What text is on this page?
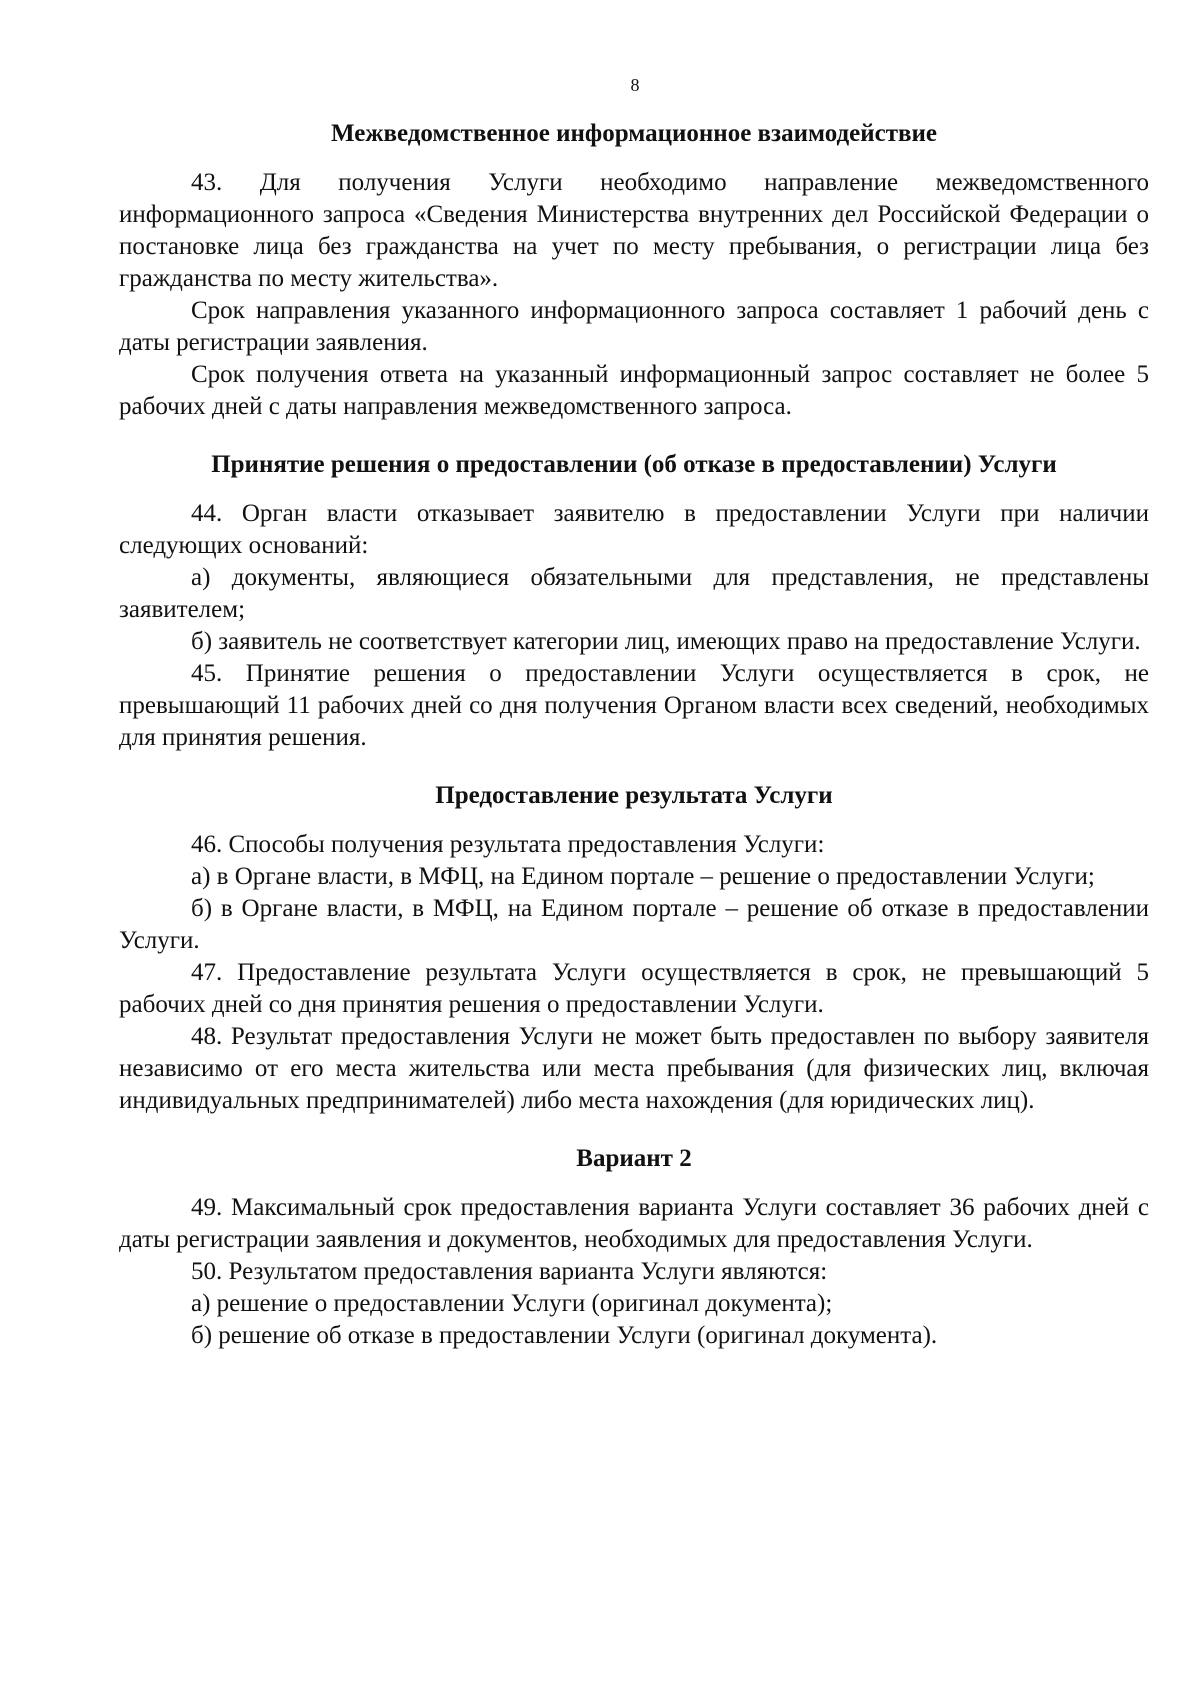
8
Межведомственное информационное взаимодействие

43. Для получения Услуги необходимо направление межведомственного информационного запроса «Сведения Министерства внутренних дел Российской Федерации о постановке лица без гражданства на учет по месту пребывания, о регистрации лица без гражданства по месту жительства».

Срок направления указанного информационного запроса составляет 1 рабочий день с даты регистрации заявления.

Срок получения ответа на указанный информационный запрос составляет не более 5 рабочих дней с даты направления межведомственного запроса.

Принятие решения о предоставлении (об отказе в предоставлении) Услуги

44. Орган власти отказывает заявителю в предоставлении Услуги при наличии следующих оснований:

а) документы, являющиеся обязательными для представления, не представлены заявителем;

б) заявитель не соответствует категории лиц, имеющих право на предоставление Услуги.

45. Принятие решения о предоставлении Услуги осуществляется в срок, не превышающий 11 рабочих дней со дня получения Органом власти всех сведений, необходимых для принятия решения.

Предоставление результата Услуги

46. Способы получения результата предоставления Услуги:

а) в Органе власти, в МФЦ, на Едином портале – решение о предоставлении Услуги;

б) в Органе власти, в МФЦ, на Едином портале – решение об отказе в предоставлении Услуги.

47. Предоставление результата Услуги осуществляется в срок, не превышающий 5 рабочих дней со дня принятия решения о предоставлении Услуги.

48. Результат предоставления Услуги не может быть предоставлен по выбору заявителя независимо от его места жительства или места пребывания (для физических лиц, включая индивидуальных предпринимателей) либо места нахождения (для юридических лиц).

Вариант 2

49. Максимальный срок предоставления варианта Услуги составляет 36 рабочих дней с даты регистрации заявления и документов, необходимых для предоставления Услуги.

50. Результатом предоставления варианта Услуги являются:

а) решение о предоставлении Услуги (оригинал документа);

б) решение об отказе в предоставлении Услуги (оригинал документа).
